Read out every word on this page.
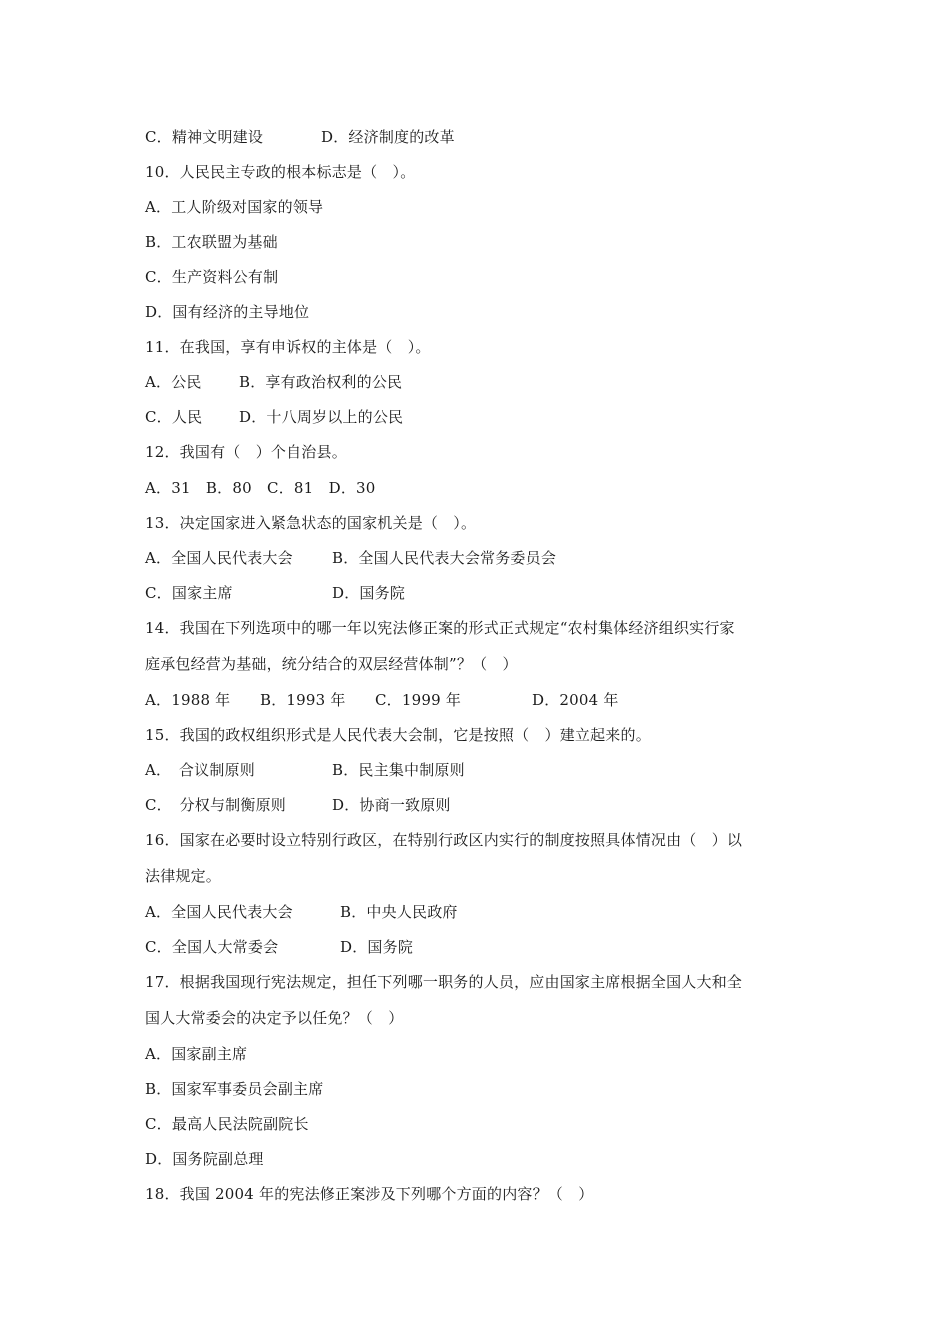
C．精神文明建设

	D．经济制度的改革

10．人民民主专政的根本标志是（　）。
A．工人阶级对国家的领导
B．工农联盟为基础
C．生产资料公有制
D．国有经济的主导地位
11．在我国，享有申诉权的主体是（　）。

A．公民

B．享有政治权利的公民

C．人民

D．十八周岁以上的公民

12．我国有（　）个自治县。
A．31　B．80　C．81　D．30
13．决定国家进入紧急状态的国家机关是（　）。

A．全国人民代表大会

	B．全国人民代表大会常务委员会

C．国家主席

	D．国务院

14．我国在下列选项中的哪一年以宪法修正案的形式正式规定“农村集体经济组织实行家
庭承包经营为基础，统分结合的双层经营体制”？（　）

A．1988 年

B．1993 年

C．1999 年

	D．2004 年

15．我国的政权组织形式是人民代表大会制，它是按照（　）建立起来的。

A．　合议制原则

	B．民主集中制原则

C．　分权与制衡原则

	D．协商一致原则

16．国家在必要时设立特别行政区，在特别行政区内实行的制度按照具体情况由（　）以
法律规定。

A．全国人民代表大会

	B．中央人民政府

C．全国人大常委会

	D．国务院

17．根据我国现行宪法规定，担任下列哪一职务的人员，应由国家主席根据全国人大和全
国人大常委会的决定予以任免？（　）
A．国家副主席
B．国家军事委员会副主席
C．最高人民法院副院长
D．国务院副总理
18．我国 2004 年的宪法修正案涉及下列哪个方面的内容？（　）
